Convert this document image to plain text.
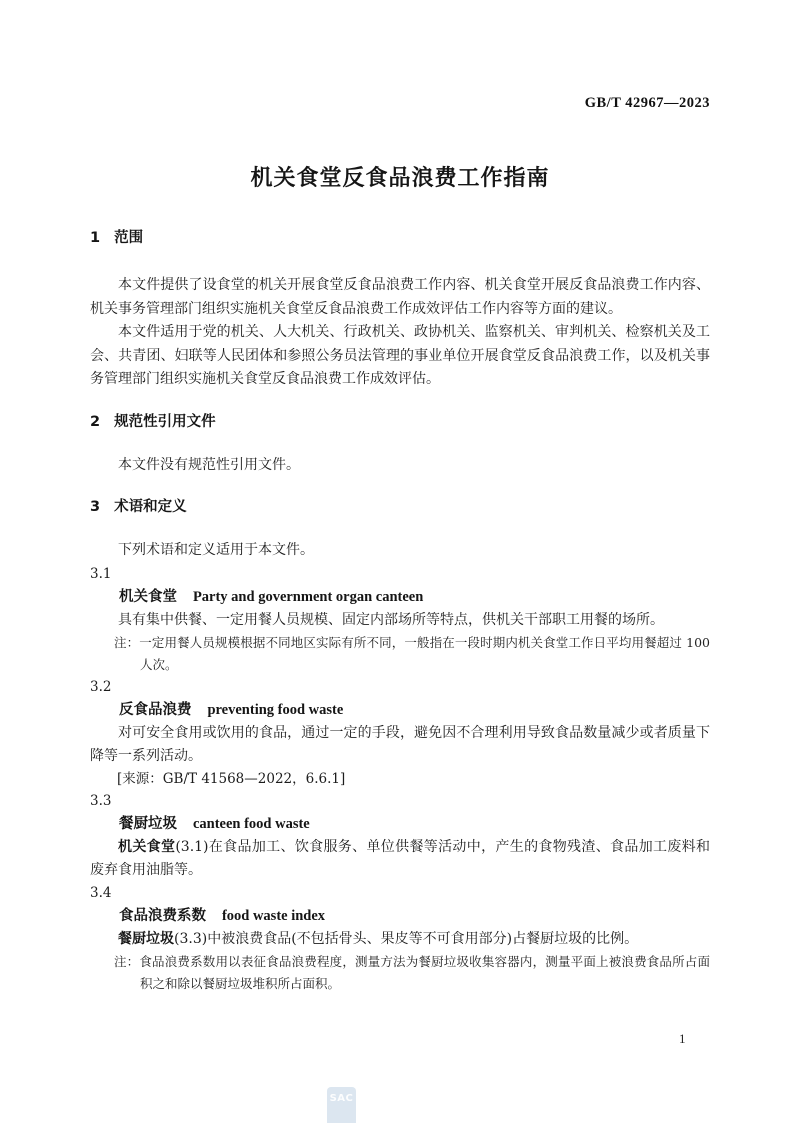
GB/T 42967—2023
机关食堂反食品浪费工作指南
1 范围

本文件提供了设食堂的机关开展食堂反食品浪费工作内容、机关食堂开展反食品浪费工作内容、机关事务管理部门组织实施机关食堂反食品浪费工作成效评估工作内容等方面的建议。

本文件适用于党的机关、人大机关、行政机关、政协机关、监察机关、审判机关、检察机关及工会、共青团、妇联等人民团体和参照公务员法管理的事业单位开展食堂反食品浪费工作，以及机关事务管理部门组织实施机关食堂反食品浪费工作成效评估。

2 规范性引用文件

本文件没有规范性引用文件。

3 术语和定义

下列术语和定义适用于本文件。

3.1
机关食堂 Party and government organ canteen

具有集中供餐、一定用餐人员规模、固定内部场所等特点，供机关干部职工用餐的场所。

注：一定用餐人员规模根据不同地区实际有所不同，一般指在一段时期内机关食堂工作日平均用餐超过 100 人次。

3.2
反食品浪费 preventing food waste

对可安全食用或饮用的食品，通过一定的手段，避免因不合理利用导致食品数量减少或者质量下降等一系列活动。

[来源：GB/T 41568—2022，6.6.1]

3.3
餐厨垃圾 canteen food waste

机关食堂(3.1)在食品加工、饮食服务、单位供餐等活动中，产生的食物残渣、食品加工废料和废弃食用油脂等。

3.4
食品浪费系数 food waste index

餐厨垃圾(3.3)中被浪费食品(不包括骨头、果皮等不可食用部分)占餐厨垃圾的比例。

注：食品浪费系数用以表征食品浪费程度，测量方法为餐厨垃圾收集容器内，测量平面上被浪费食品所占面积之和除以餐厨垃圾堆积所占面积。

1
SAC
